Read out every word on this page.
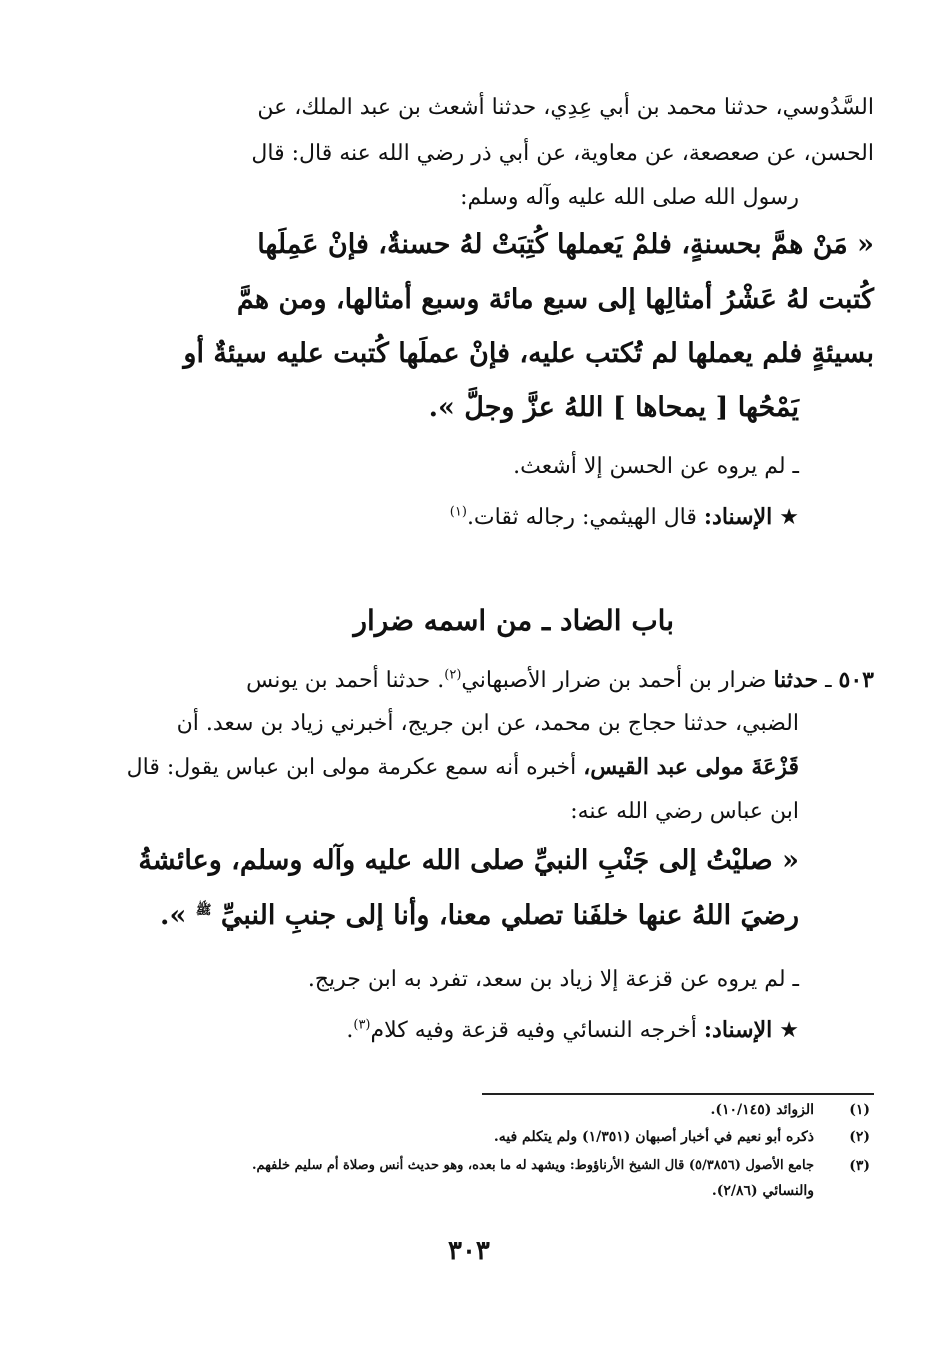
السَّدُوسي، حدثنا محمد بن أبي عِدِي، حدثنا أشعث بن عبد الملك، عن
الحسن، عن صعصعة، عن معاوية، عن أبي ذر رضي الله عنه قال: قال
رسول الله صلى الله عليه وآله وسلم:
« مَنْ همَّ بحسنةٍ، فلمْ يَعملها كُتِبَتْ لهُ حسنةٌ، فإنْ عَمِلَها
كُتبت لهُ عَشْرُ أمثالِها إلى سبع مائة وسبع أمثالها، ومن همَّ
بسيئةٍ فلم يعملها لم تُكتب عليه، فإنْ عملَها كُتبت عليه سيئةٌ أو
يَمْحُها [ يمحاها ] اللهُ عزَّ وجلَّ ».
ـ لم يروه عن الحسن إلا أشعث.
★ الإسناد: قال الهيثمي: رجاله ثقات.$^{(١)}$
باب الضاد ـ من اسمه ضرار
٥٠٣ ـ حدثنا ضرار بن أحمد بن ضرار الأصبهاني$^{(٢)}$. حدثنا أحمد بن يونس
الضبي، حدثنا حجاج بن محمد، عن ابن جريج، أخبرني زياد بن سعد. أن
قَزْعَةَ مولى عبد القيس، أخبره أنه سمع عكرمة مولى ابن عباس يقول: قال
ابن عباس رضي الله عنه:
« صليْتُ إلى جَنْبِ النبيِّ صلى الله عليه وآله وسلم، وعائشةُ
رضيَ اللهُ عنها خلفَنا تصلي معنا، وأنا إلى جنبِ النبيِّ $^ﷺ$ ».
ـ لم يروه عن قزعة إلا زياد بن سعد، تفرد به ابن جريج.
★ الإسناد: أخرجه النسائي وفيه قزعة وفيه كلام$^{(٣)}$.
(١)
الزوائد (١٠/١٤٥).
(٢)
ذكره أبو نعيم في أخبار أصبهان (١/٣٥١) ولم يتكلم فيه.
(٣)
جامع الأصول (٥/٣٨٥٦) قال الشيخ الأرناؤوط: ويشهد له ما بعده، وهو حديث أنس وصلاة أم سليم خلفهم.
والنسائي (٢/٨٦).
٣٠٣
